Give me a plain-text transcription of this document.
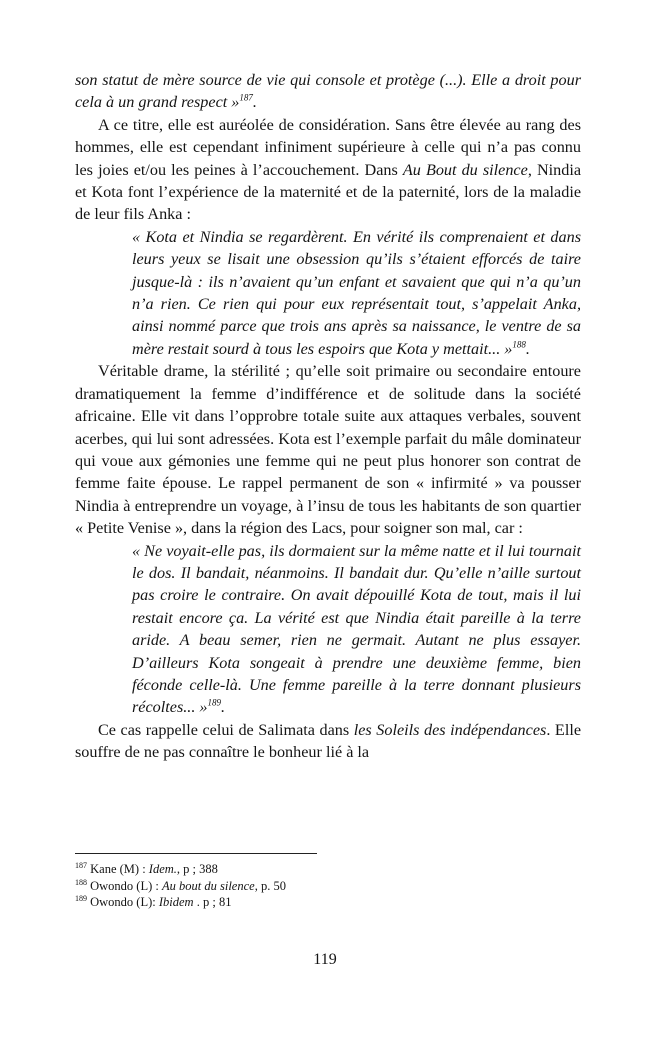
son statut de mère source de vie qui console et protège (...). Elle a droit pour cela à un grand respect »$^{187}$.

A ce titre, elle est auréolée de considération. Sans être élevée au rang des hommes, elle est cependant infiniment supérieure à celle qui n’a pas connu les joies et/ou les peines à l’accouchement. Dans Au Bout du silence, Nindia et Kota font l’expérience de la maternité et de la paternité, lors de la maladie de leur fils Anka :

« Kota et Nindia se regardèrent. En vérité ils comprenaient et dans leurs yeux se lisait une obsession qu’ils s’étaient efforcés de taire jusque-là : ils n’avaient qu’un enfant et savaient que qui n’a qu’un n’a rien. Ce rien qui pour eux représentait tout, s’appelait Anka, ainsi nommé parce que trois ans après sa naissance, le ventre de sa mère restait sourd à tous les espoirs que Kota y mettait... »$^{188}$.

Véritable drame, la stérilité ; qu’elle soit primaire ou secondaire entoure dramatiquement la femme d’indifférence et de solitude dans la société africaine. Elle vit dans l’opprobre totale suite aux attaques verbales, souvent acerbes, qui lui sont adressées. Kota est l’exemple parfait du mâle dominateur qui voue aux gémonies une femme qui ne peut plus honorer son contrat de femme faite épouse. Le rappel permanent de son « infirmité » va pousser Nindia à entreprendre un voyage, à l’insu de tous les habitants de son quartier « Petite Venise », dans la région des Lacs, pour soigner son mal, car :

« Ne voyait-elle pas, ils dormaient sur la même natte et il lui tournait le dos. Il bandait, néanmoins. Il bandait dur. Qu’elle n’aille surtout pas croire le contraire. On avait dépouillé Kota de tout, mais il lui restait encore ça. La vérité est que Nindia était pareille à la terre aride. A beau semer, rien ne germait. Autant ne plus essayer. D’ailleurs Kota songeait à prendre une deuxième femme, bien féconde celle-là. Une femme pareille à la terre donnant plusieurs récoltes... »$^{189}$.

Ce cas rappelle celui de Salimata dans les Soleils des indépendances. Elle souffre de ne pas connaître le bonheur lié à la

$^{187}$ Kane (M) : Idem., p ; 388

$^{188}$ Owondo (L) : Au bout du silence, p. 50

$^{189}$ Owondo (L): Ibidem . p ; 81

119
